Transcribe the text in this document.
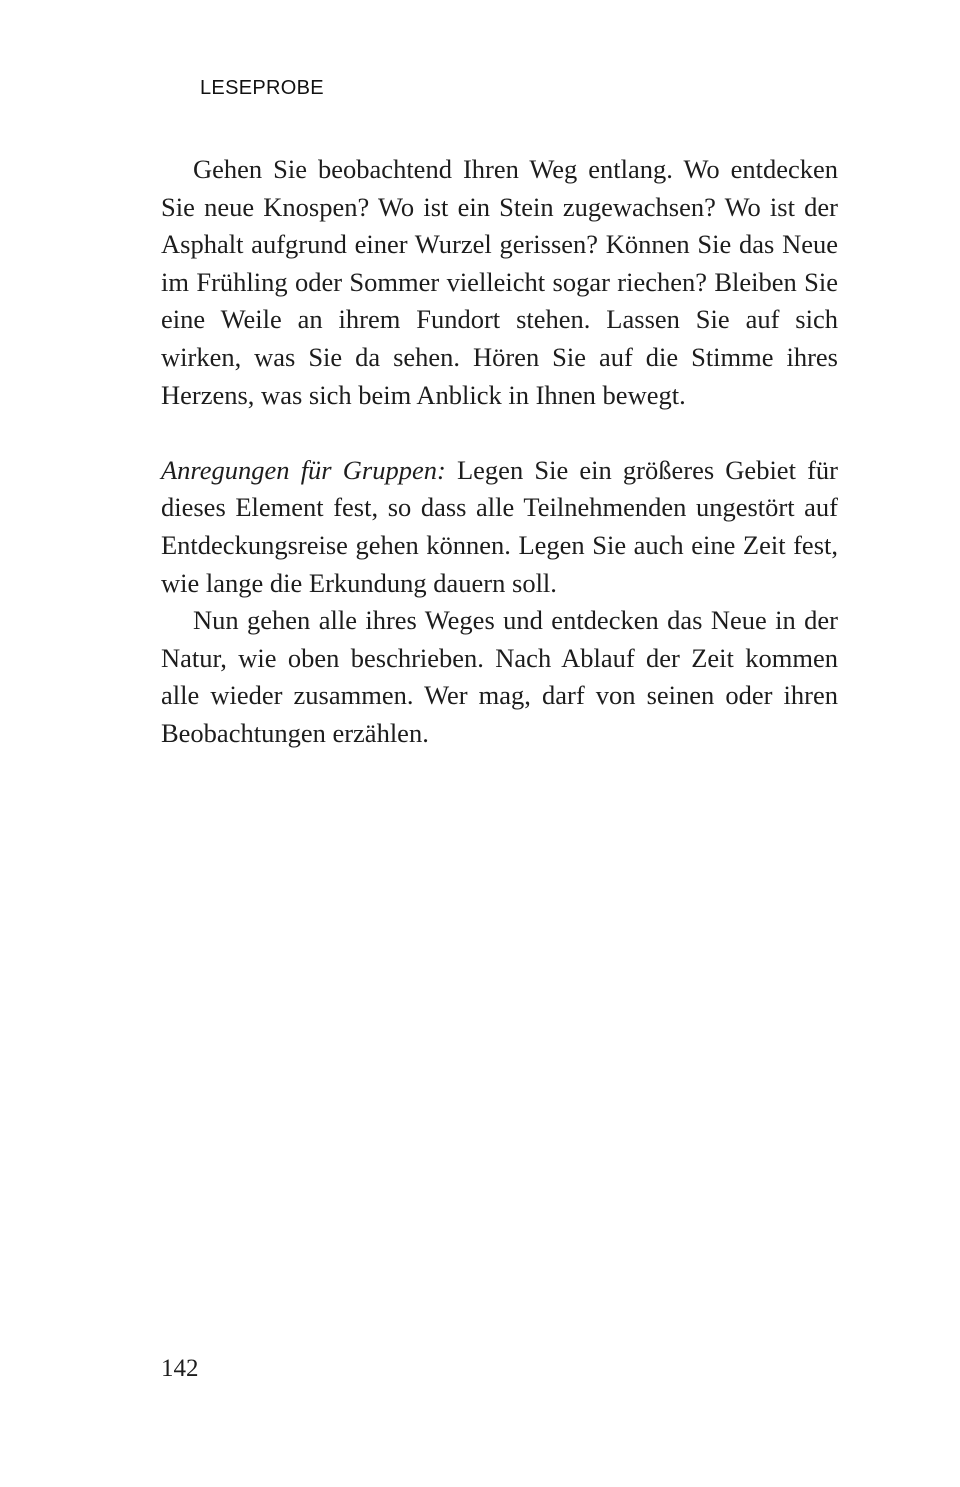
LESEPROBE

Gehen Sie beobachtend Ihren Weg entlang. Wo entdecken Sie neue Knospen? Wo ist ein Stein zugewachsen? Wo ist der Asphalt aufgrund einer Wurzel gerissen? Können Sie das Neue im Frühling oder Sommer vielleicht sogar riechen? Bleiben Sie eine Weile an ihrem Fundort stehen. Lassen Sie auf sich wirken, was Sie da sehen. Hören Sie auf die Stimme ihres Herzens, was sich beim Anblick in Ihnen bewegt.

Anregungen für Gruppen: Legen Sie ein größeres Gebiet für dieses Element fest, so dass alle Teilnehmenden ungestört auf Entdeckungsreise gehen können. Legen Sie auch eine Zeit fest, wie lange die Erkundung dauern soll.

Nun gehen alle ihres Weges und entdecken das Neue in der Natur, wie oben beschrieben. Nach Ablauf der Zeit kommen alle wieder zusammen. Wer mag, darf von seinen oder ihren Beobachtungen erzählen.

142
